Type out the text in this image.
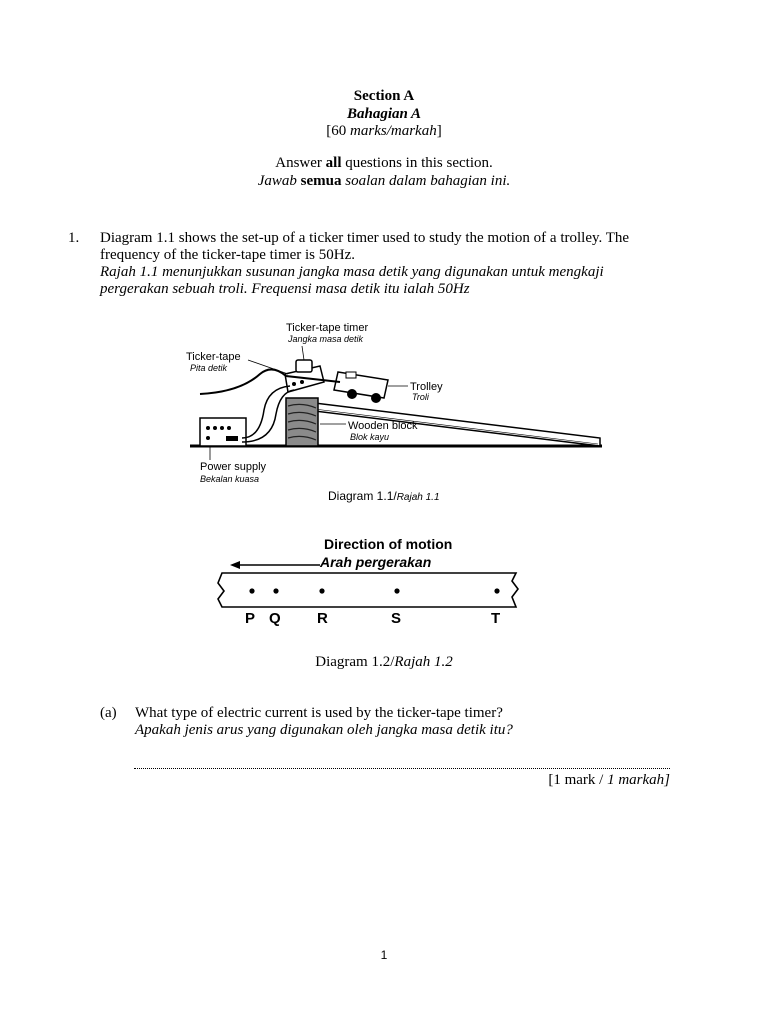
Section A
Bahagian A
[60 marks/markah]
Answer all questions in this section.
Jawab semua soalan dalam bahagian ini.
1. Diagram 1.1 shows the set-up of a ticker timer used to study the motion of a trolley. The
frequency of the ticker-tape timer is 50Hz.
Rajah 1.1 menunjukkan susunan jangka masa detik yang digunakan untuk mengkaji
pergerakan sebuah troli. Frequensi masa detik itu ialah 50Hz
Ticker-tape timer
Jangka masa detik
Ticker-tape
Pita detik
Trolley
Troli
Wooden block
Blok kayu
Power supply
Bekalan kuasa
Diagram 1.1/Rajah 1.1
Direction of motion
Arah pergerakan
P Q R	S	T
Diagram 1.2/Rajah 1.2
(a) What type of electric current is used by the ticker-tape timer?
Apakah jenis arus yang digunakan oleh jangka masa detik itu?
[1 mark / 1 markah]
1
